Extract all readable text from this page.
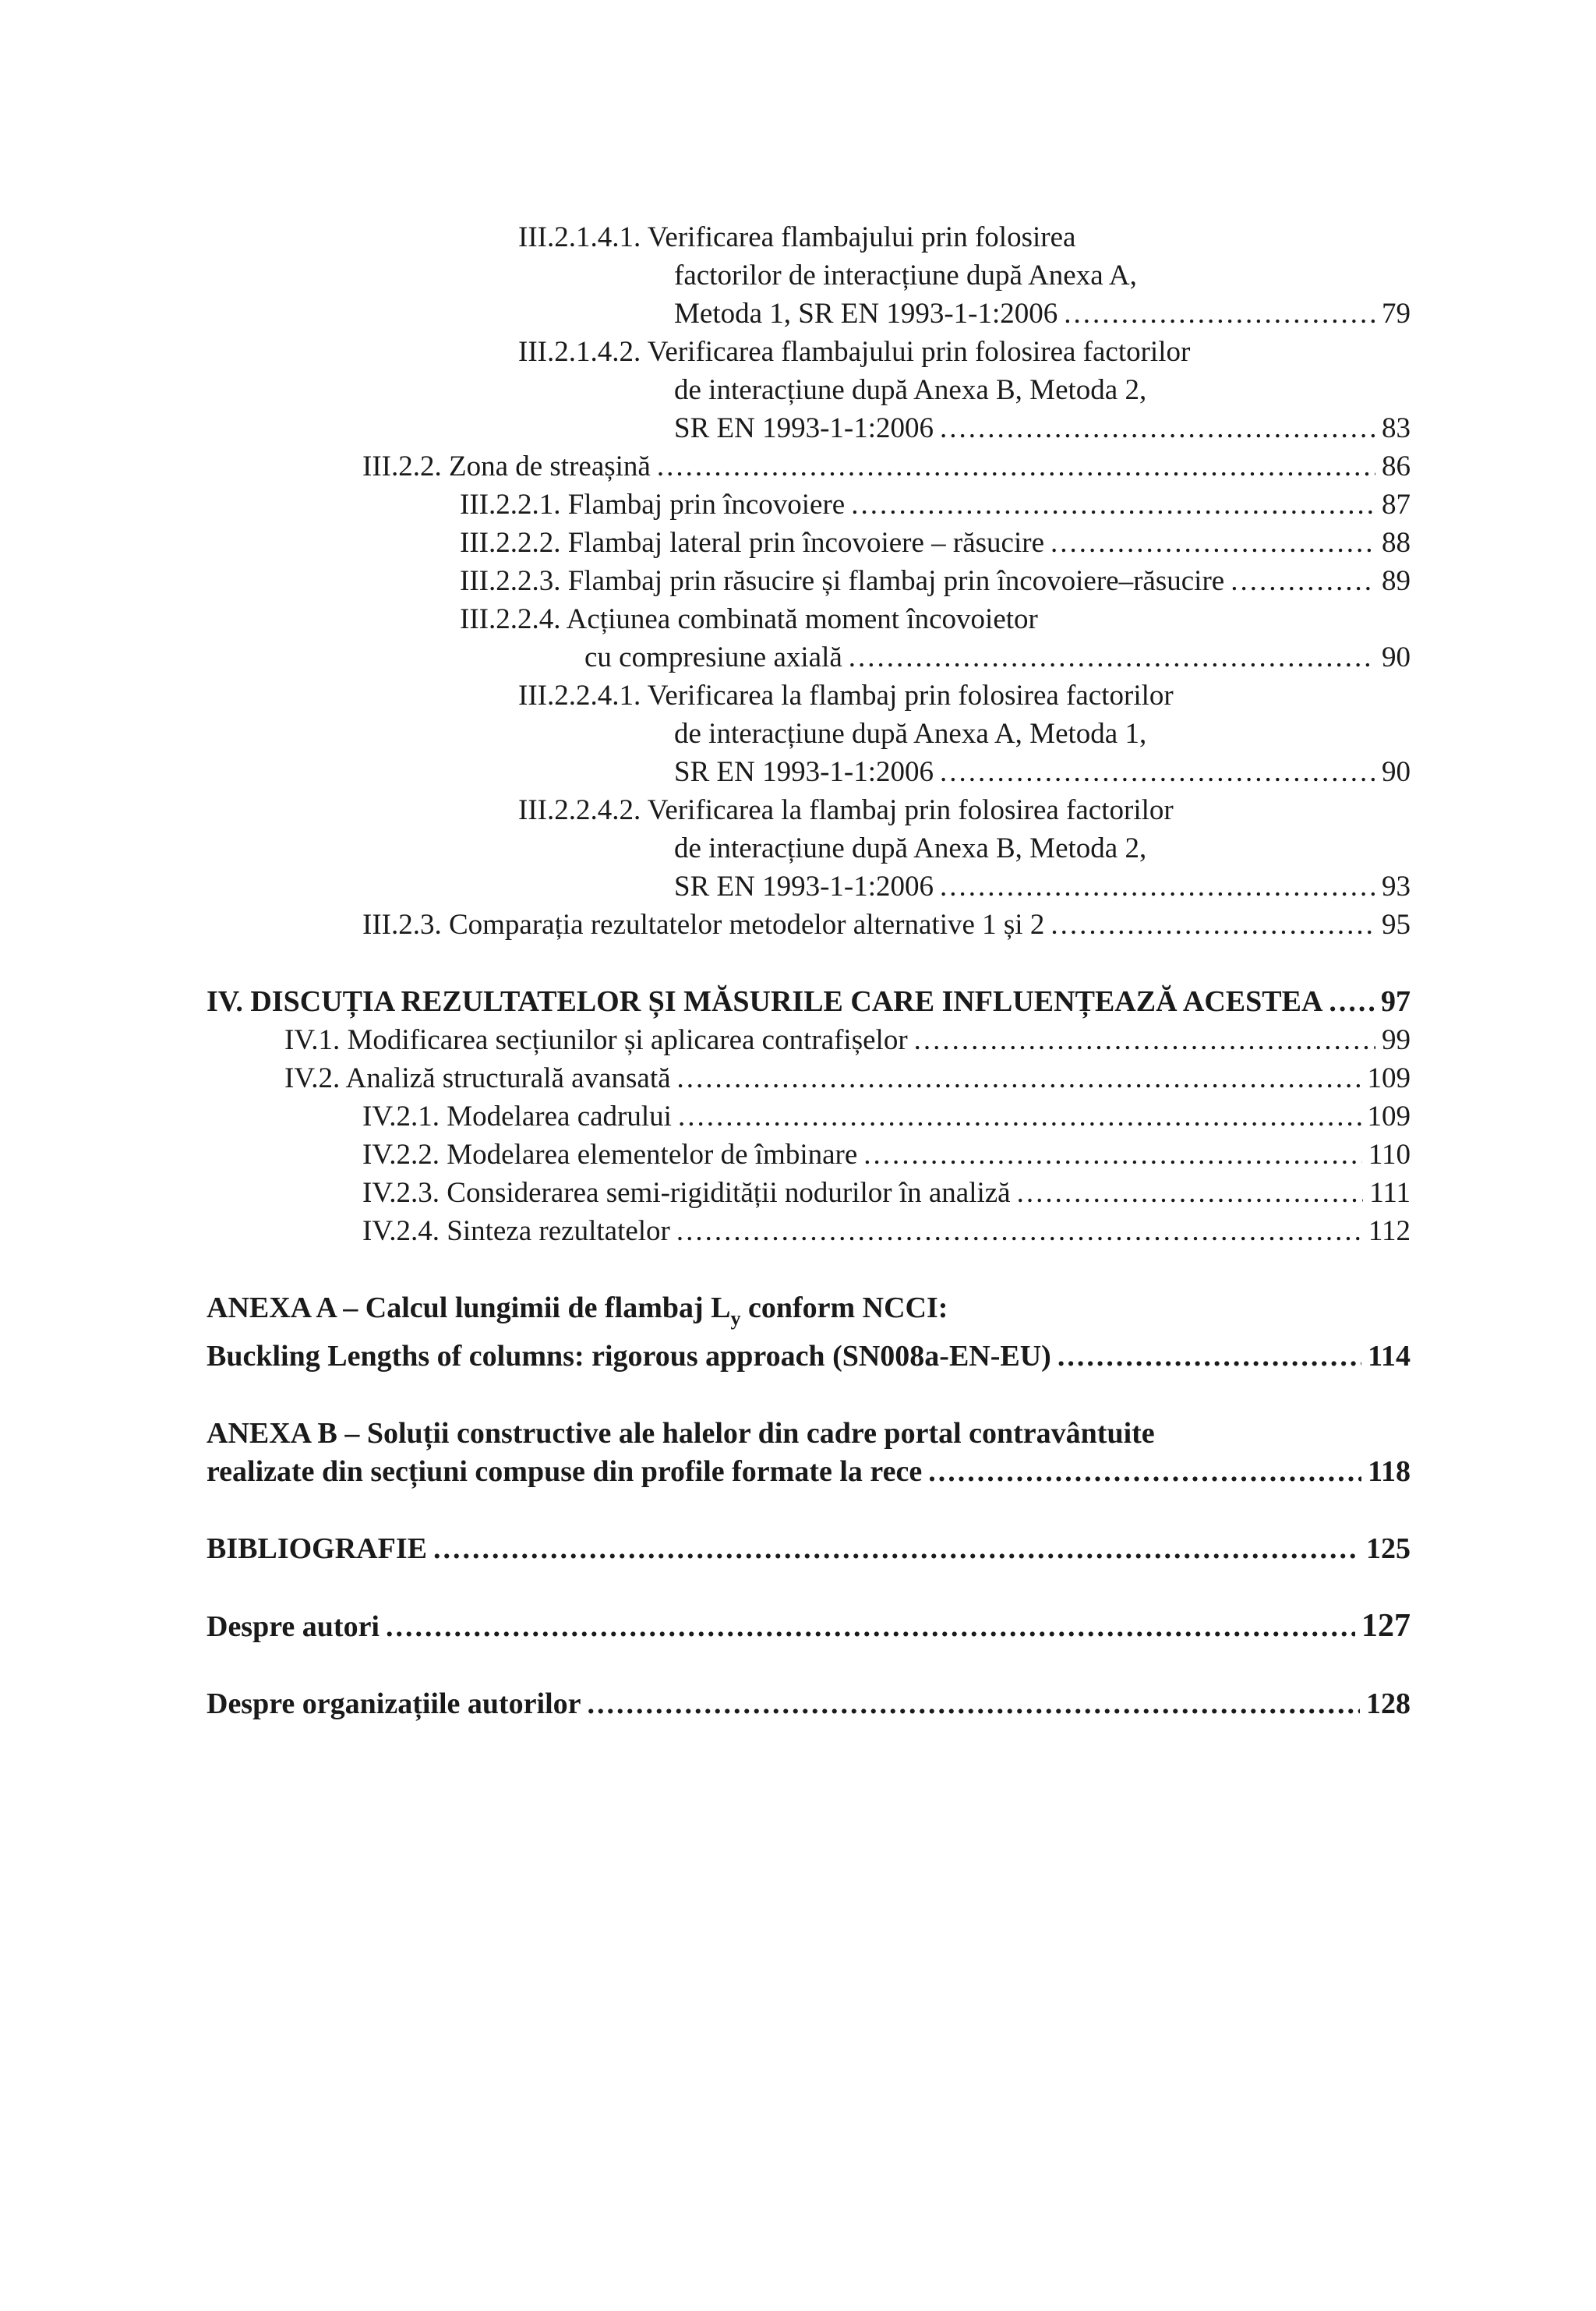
III.2.1.4.1. Verificarea flambajului prin folosirea
factorilor de interacțiune după Anexa A,
Metoda 1, SR EN 1993-1-1:2006 .....	79
III.2.1.4.2. Verificarea flambajului prin folosirea factorilor
de interacțiune după Anexa B, Metoda 2,
SR EN 1993-1-1:2006 .....	83
III.2.2. Zona de streașină .....	86
III.2.2.1. Flambaj prin încovoiere .....	87
III.2.2.2. Flambaj lateral prin încovoiere – răsucire .....	88
III.2.2.3. Flambaj prin răsucire și flambaj prin încovoiere–răsucire .....	89
III.2.2.4. Acțiunea combinată moment încovoietor
cu compresiune axială .....	90
III.2.2.4.1. Verificarea la flambaj prin folosirea factorilor
de interacțiune după Anexa A, Metoda 1,
SR EN 1993-1-1:2006 .....	90
III.2.2.4.2. Verificarea la flambaj prin folosirea factorilor
de interacțiune după Anexa B, Metoda 2,
SR EN 1993-1-1:2006 .....	93
III.2.3. Comparația rezultatelor metodelor alternative 1 și 2 .....	95
IV. DISCUȚIA REZULTATELOR ȘI MĂSURILE CARE INFLUENȚEAZĂ ACESTEA ..... 97
IV.1. Modificarea secțiunilor și aplicarea contrafișelor .....	99
IV.2. Analiză structurală avansată .....	109
IV.2.1. Modelarea cadrului .....	109
IV.2.2. Modelarea elementelor de îmbinare .....	110
IV.2.3. Considerarea semi-rigidității nodurilor în analiză .....	111
IV.2.4. Sinteza rezultatelor .....	112
ANEXA A – Calcul lungimii de flambaj $L_y$ conform NCCI:
Buckling Lengths of columns: rigorous approach (SN008a-EN-EU) .....	114
ANEXA B – Soluții constructive ale halelor din cadre portal contravântuite
realizate din secțiuni compuse din profile formate la rece .....	118
BIBLIOGRAFIE .....	125
Despre autori .....	127
Despre organizațiile autorilor .....	128
